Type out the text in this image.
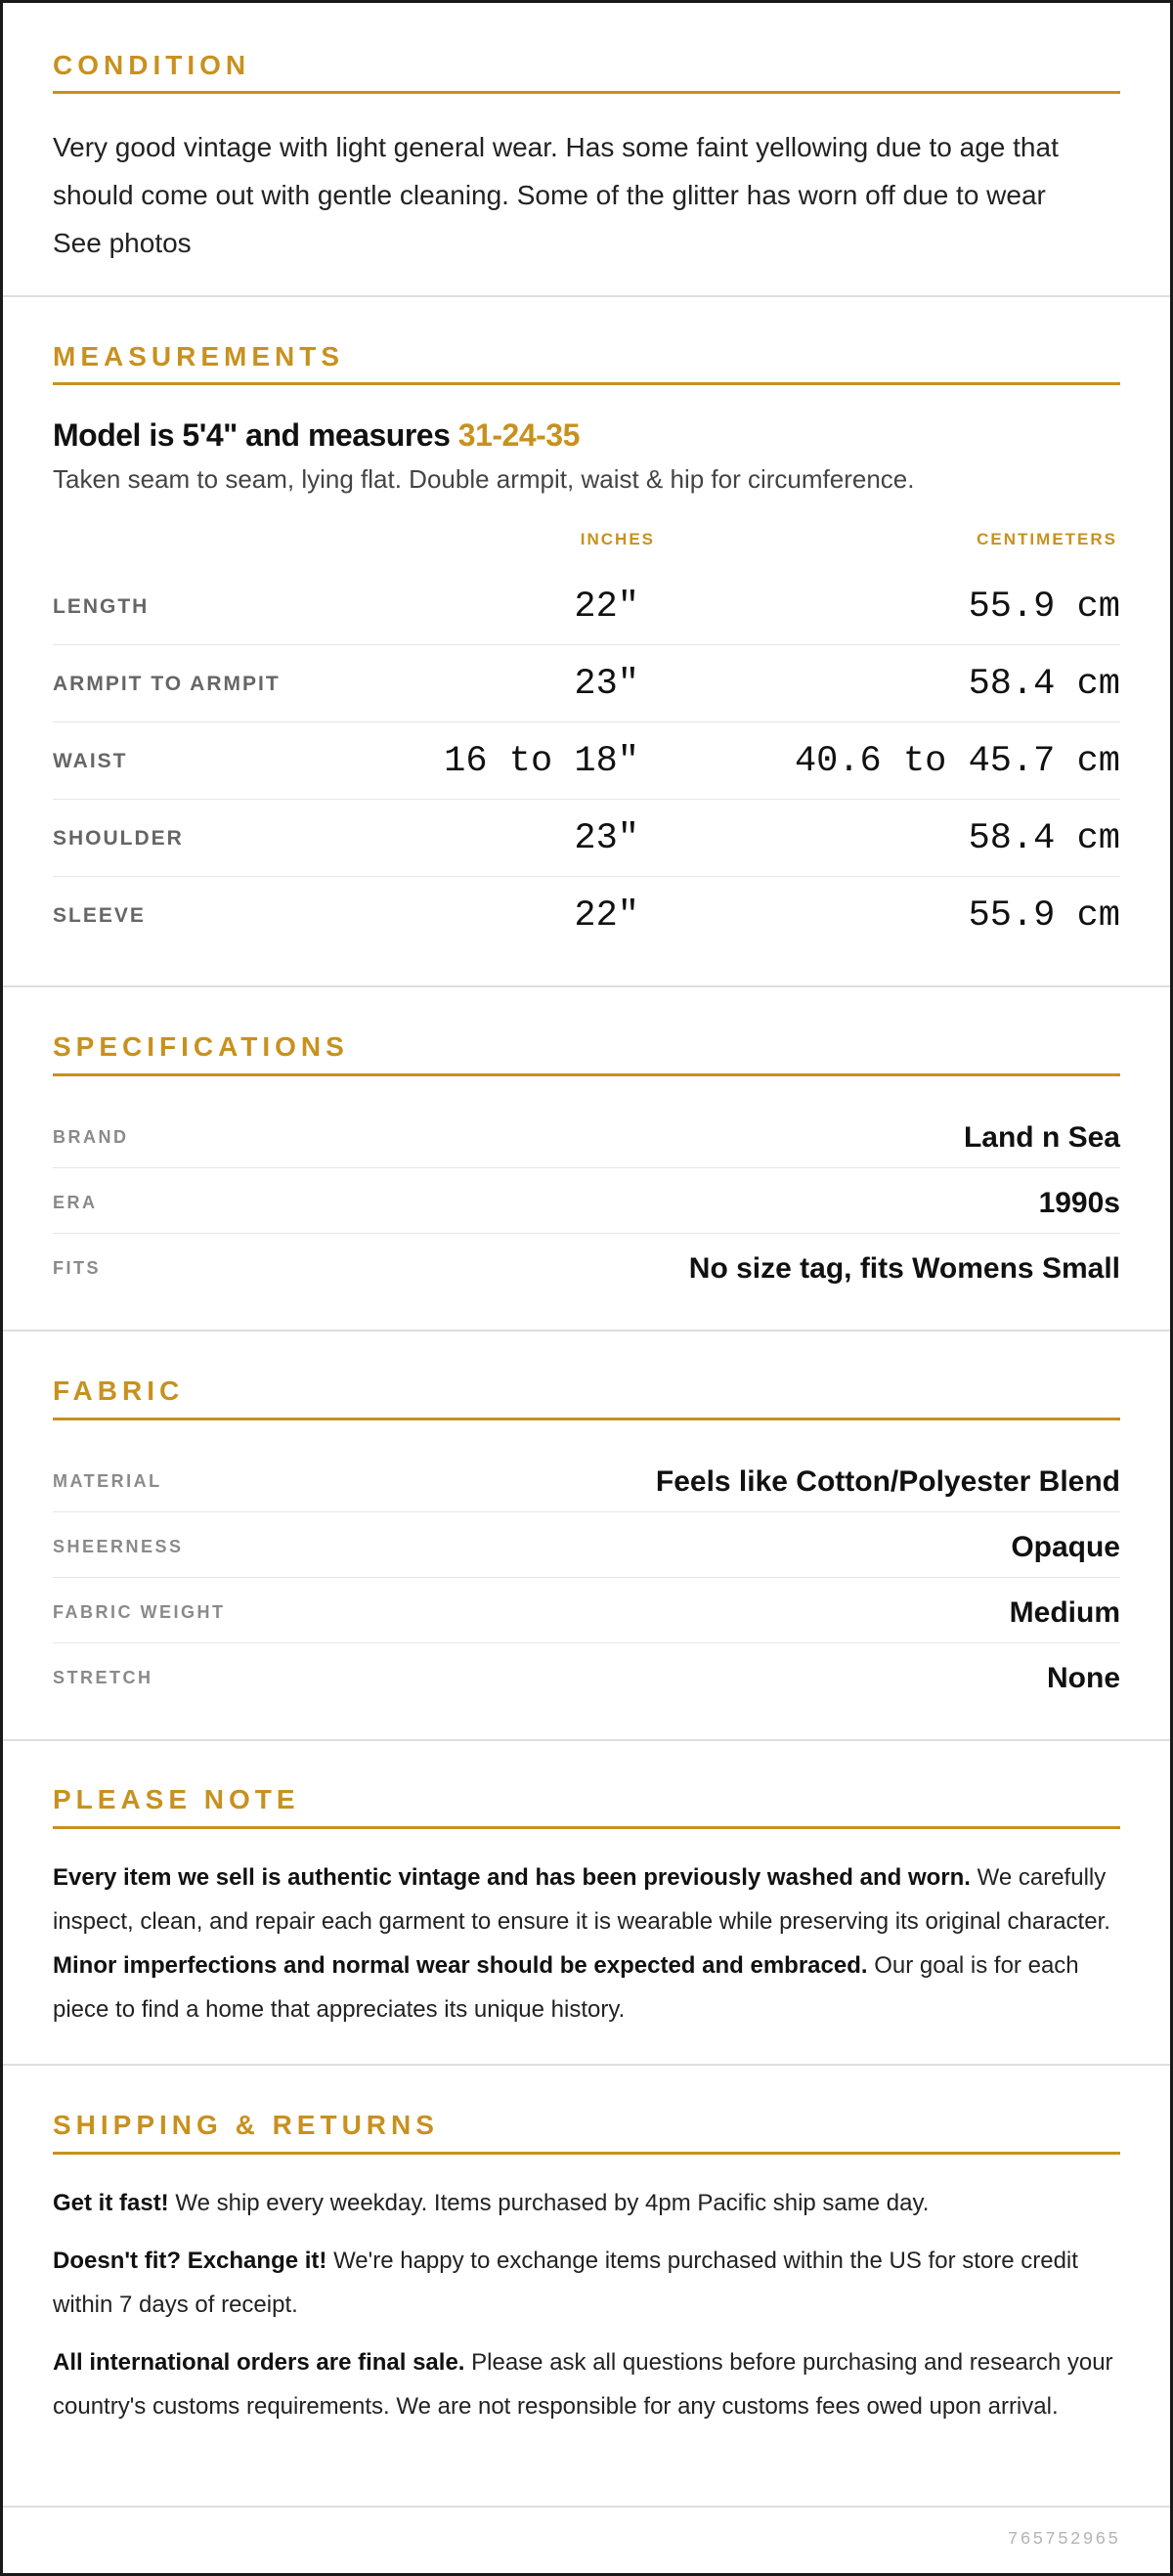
CONDITION
Very good vintage with light general wear. Has some faint yellowing due to age that
should come out with gentle cleaning. Some of the glitter has worn off due to wear
See photos
MEASUREMENTS
Model is 5'4" and measures 31-24-35
Taken seam to seam, lying flat. Double armpit, waist & hip for circumference.
INCHES	CENTIMETERS
LENGTH	22"	55.9 cm
ARMPIT TO ARMPIT	23"	58.4 cm
WAIST	16 to 18"	40.6 to 45.7 cm
SHOULDER	23"	58.4 cm
SLEEVE	22"	55.9 cm
SPECIFICATIONS
BRAND	Land n Sea
ERA	1990s
FITS	No size tag, fits Womens Small
FABRIC
MATERIAL	Feels like Cotton/Polyester Blend
SHEERNESS	Opaque
FABRIC WEIGHT	Medium
STRETCH	None
PLEASE NOTE
Every item we sell is authentic vintage and has been previously washed and worn. We carefully inspect, clean, and repair each garment to ensure it is wearable while preserving its original character. Minor imperfections and normal wear should be expected and embraced. Our goal is for each piece to find a home that appreciates its unique history.
SHIPPING & RETURNS
Get it fast! We ship every weekday. Items purchased by 4pm Pacific ship same day.
Doesn't fit? Exchange it! We're happy to exchange items purchased within the US for store credit within 7 days of receipt.
All international orders are final sale. Please ask all questions before purchasing and research your country's customs requirements. We are not responsible for any customs fees owed upon arrival.
765752965
